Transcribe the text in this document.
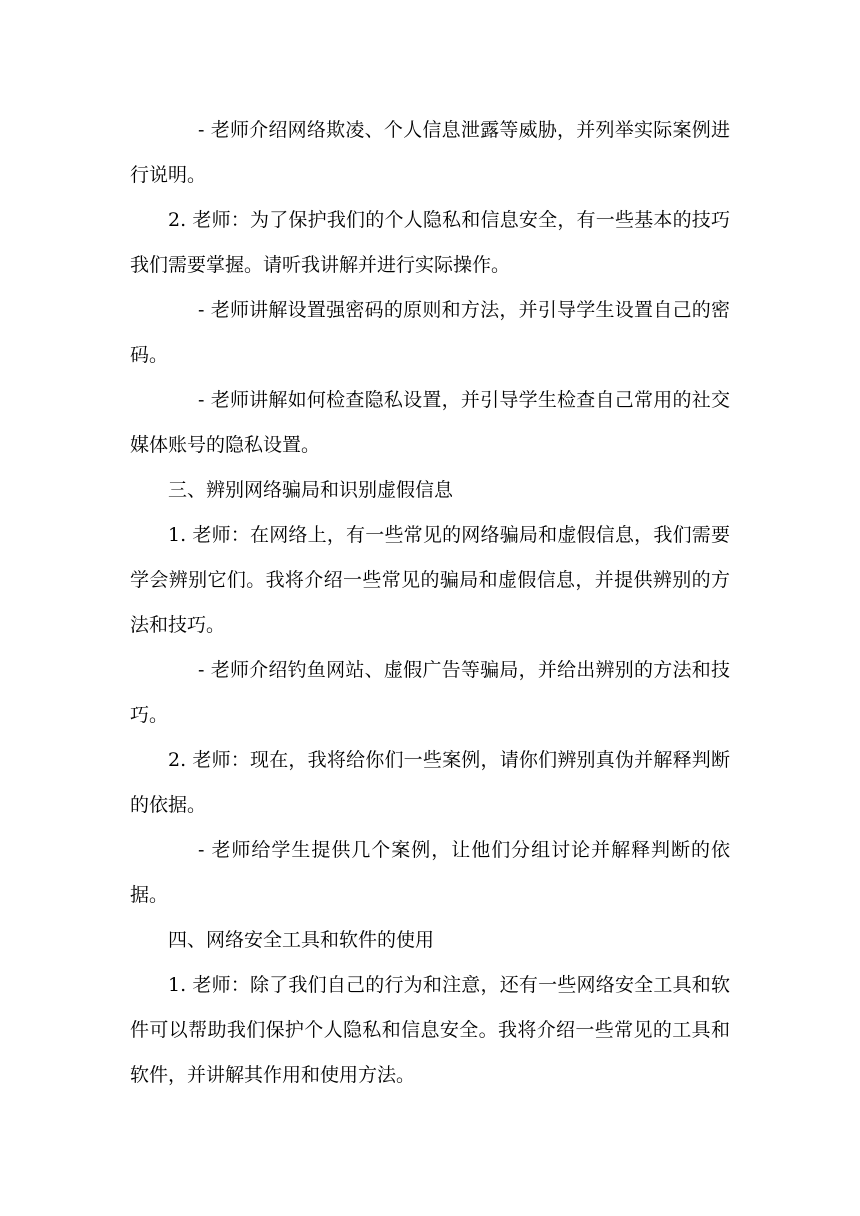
- 老师介绍网络欺凌、个人信息泄露等威胁，并列举实际案例进行说明。

2. 老师：为了保护我们的个人隐私和信息安全，有一些基本的技巧我们需要掌握。请听我讲解并进行实际操作。

- 老师讲解设置强密码的原则和方法，并引导学生设置自己的密码。

- 老师讲解如何检查隐私设置，并引导学生检查自己常用的社交媒体账号的隐私设置。

三、辨别网络骗局和识别虚假信息

1. 老师：在网络上，有一些常见的网络骗局和虚假信息，我们需要学会辨别它们。我将介绍一些常见的骗局和虚假信息，并提供辨别的方法和技巧。

- 老师介绍钓鱼网站、虚假广告等骗局，并给出辨别的方法和技巧。

2. 老师：现在，我将给你们一些案例，请你们辨别真伪并解释判断的依据。

- 老师给学生提供几个案例，让他们分组讨论并解释判断的依据。

四、网络安全工具和软件的使用

1. 老师：除了我们自己的行为和注意，还有一些网络安全工具和软件可以帮助我们保护个人隐私和信息安全。我将介绍一些常见的工具和软件，并讲解其作用和使用方法。
